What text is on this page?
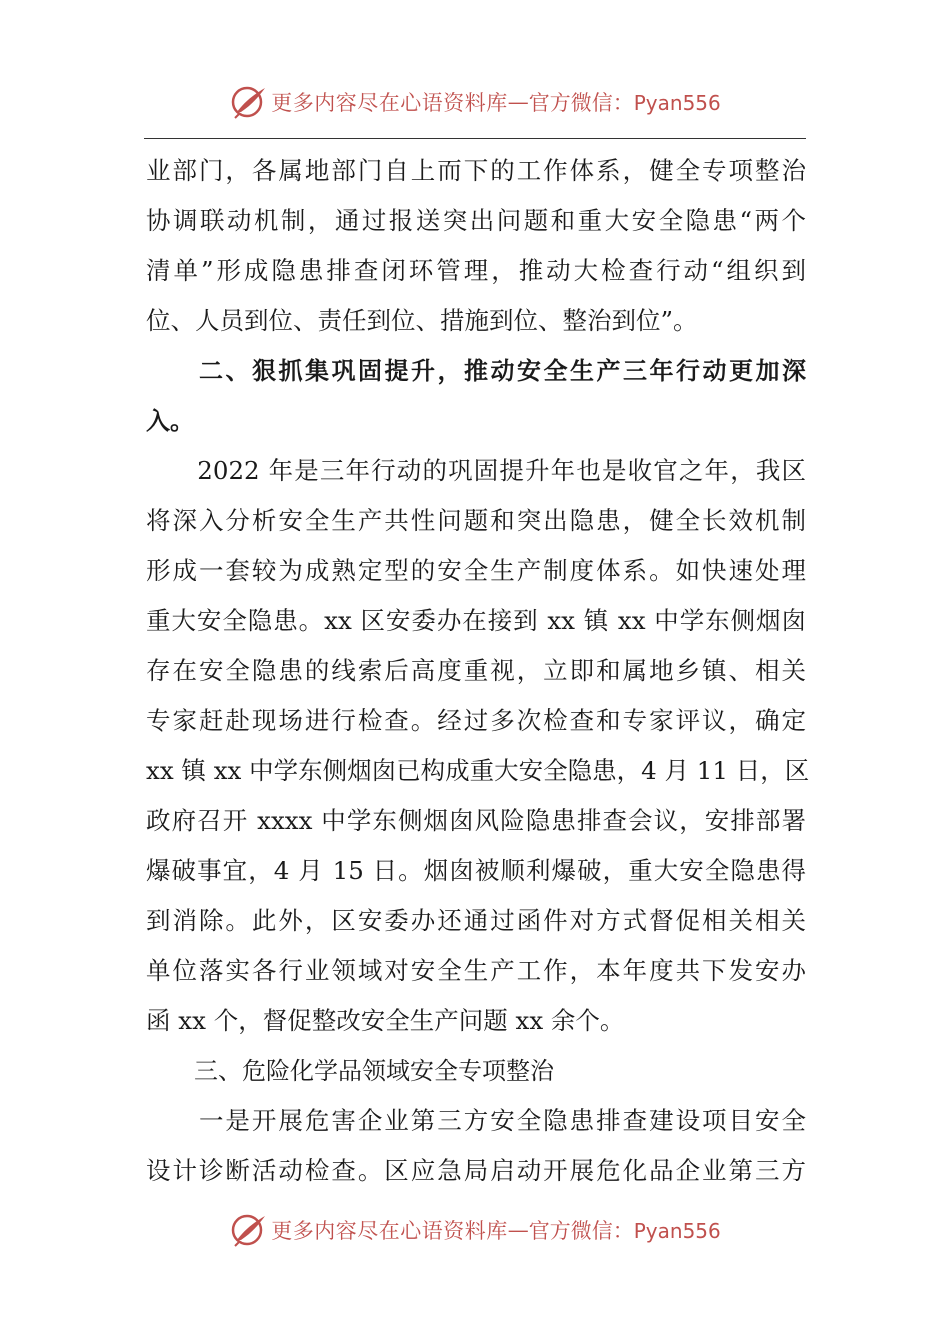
更多内容尽在心语资料库 — 官方微信：Pyan556
业部门，各属地部门自上而下的工作体系，健全专项整治
协调联动机制，通过报送突出问题和重大安全隐患“两个
清单”形成隐患排查闭环管理，推动大检查行动“组织到
位、人员到位、责任到位、措施到位、整治到位”。
　　二、狠抓集巩固提升，推动安全生产三年行动更加深
入。
　　2022 年是三年行动的巩固提升年也是收官之年，我区
将深入分析安全生产共性问题和突出隐患，健全长效机制
形成一套较为成熟定型的安全生产制度体系。如快速处理
重大安全隐患。xx 区安委办在接到 xx 镇 xx 中学东侧烟囱
存在安全隐患的线索后高度重视，立即和属地乡镇、相关
专家赶赴现场进行检查。经过多次检查和专家评议，确定
xx 镇 xx 中学东侧烟囱已构成重大安全隐患，4 月 11 日，区
政府召开 xxxx 中学东侧烟囱风险隐患排查会议，安排部署
爆破事宜，4 月 15 日。烟囱被顺利爆破，重大安全隐患得
到消除。此外，区安委办还通过函件对方式督促相关相关
单位落实各行业领域对安全生产工作，本年度共下发安办
函 xx 个，督促整改安全生产问题 xx 余个。
　　三、危险化学品领域安全专项整治
　　一是开展危害企业第三方安全隐患排查建设项目安全
设计诊断活动检查。区应急局启动开展危化品企业第三方
更多内容尽在心语资料库 — 官方微信：Pyan556
